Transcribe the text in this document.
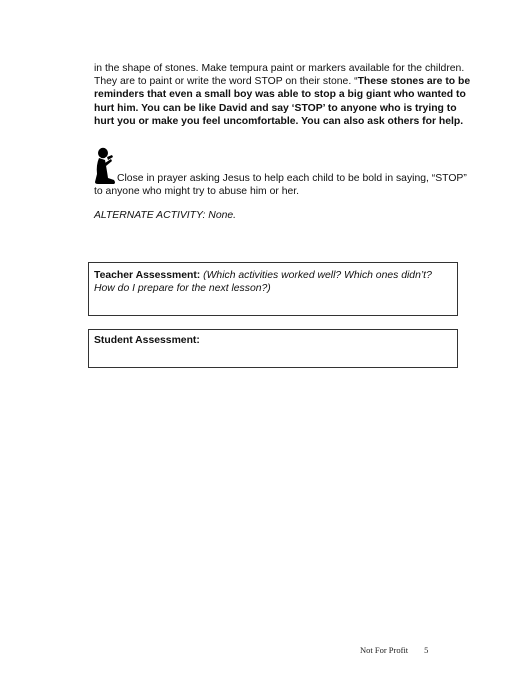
in the shape of stones. Make tempura paint or markers available for the children. They are to paint or write the word STOP on their stone. “These stones are to be reminders that even a small boy was able to stop a big giant who wanted to hurt him. You can be like David and say ‘STOP’ to anyone who is trying to hurt you or make you feel uncomfortable. You can also ask others for help.
Close in prayer asking Jesus to help each child to be bold in saying, “STOP”
to anyone who might try to abuse him or her.
ALTERNATE ACTIVITY: None.
Teacher Assessment: (Which activities worked well? Which ones didn’t? How do I prepare for the next lesson?)
Student Assessment:
Not For Profit 5
